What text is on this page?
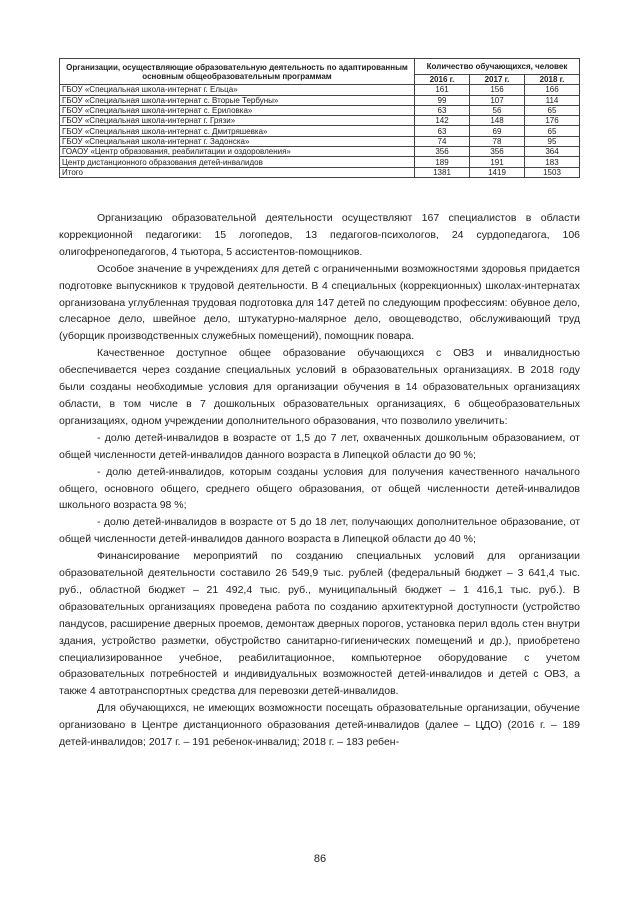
Организации, осуществляющие образовательную деятельность по адаптированным основным общеобразовательным программам	Количество обучающихся, человек		
	2016 г.	2017 г.	2018 г.
ГБОУ «Специальная школа-интернат г. Ельца»	161	156	166
ГБОУ «Специальная школа-интернат с. Вторые Тербуны»	99	107	114
ГБОУ «Специальная школа-интернат с. Ериловка»	63	56	65
ГБОУ «Специальная школа-интернат г. Грязи»	142	148	176
ГБОУ «Специальная школа-интернат с. Дмитряшевка»	63	69	65
ГБОУ «Специальная школа-интернат г. Задонска»	74	78	95
ГОАОУ «Центр образования, реабилитации и оздоровления»	356	356	364
Центр дистанционного образования детей-инвалидов	189	191	183
Итого	1381	1419	1503

Организацию образовательной деятельности осуществляют 167 специалистов в области коррекционной педагогики: 15 логопедов, 13 педагогов-психологов, 24 сурдопедагога, 106 олигофренопедагогов, 4 тьютора, 5 ассистентов-помощников.

Особое значение в учреждениях для детей с ограниченными возможностями здоровья придается подготовке выпускников к трудовой деятельности. В 4 специальных (коррекционных) школах-интернатах организована углубленная трудовая подготовка для 147 детей по следующим профессиям: обувное дело, слесарное дело, швейное дело, штукатурно-малярное дело, овощеводство, обслуживающий труд (уборщик производственных служебных помещений), помощник повара.

Качественное доступное общее образование обучающихся с ОВЗ и инвалидностью обеспечивается через создание специальных условий в образовательных организациях. В 2018 году были созданы необходимые условия для организации обучения в 14 образовательных организациях области, в том числе в 7 дошкольных образовательных организациях, 6 общеобразовательных организациях, одном учреждении дополнительного образования, что позволило увеличить:

- долю детей-инвалидов в возрасте от 1,5 до 7 лет, охваченных дошкольным образованием, от общей численности детей-инвалидов данного возраста в Липецкой области до 90 %;

- долю детей-инвалидов, которым созданы условия для получения качественного начального общего, основного общего, среднего общего образования, от общей численности детей-инвалидов школьного возраста 98 %;

- долю детей-инвалидов в возрасте от 5 до 18 лет, получающих дополнительное образование, от общей численности детей-инвалидов данного возраста в Липецкой области до 40 %;

Финансирование мероприятий по созданию специальных условий для организации образовательной деятельности составило 26 549,9 тыс. рублей (федеральный бюджет – 3 641,4 тыс. руб., областной бюджет – 21 492,4 тыс. руб., муниципальный бюджет – 1 416,1 тыс. руб.). В образовательных организациях проведена работа по созданию архитектурной доступности (устройство пандусов, расширение дверных проемов, демонтаж дверных порогов, установка перил вдоль стен внутри здания, устройство разметки, обустройство санитарно-гигиенических помещений и др.), приобретено специализированное учебное, реабилитационное, компьютерное оборудование с учетом образовательных потребностей и индивидуальных возможностей детей-инвалидов и детей с ОВЗ, а также 4 автотранспортных средства для перевозки детей-инвалидов.

Для обучающихся, не имеющих возможности посещать образовательные организации, обучение организовано в Центре дистанционного образования детей-инвалидов (далее – ЦДО) (2016 г. – 189 детей-инвалидов; 2017 г. – 191 ребенок-инвалид; 2018 г. – 183 ребен-

86
